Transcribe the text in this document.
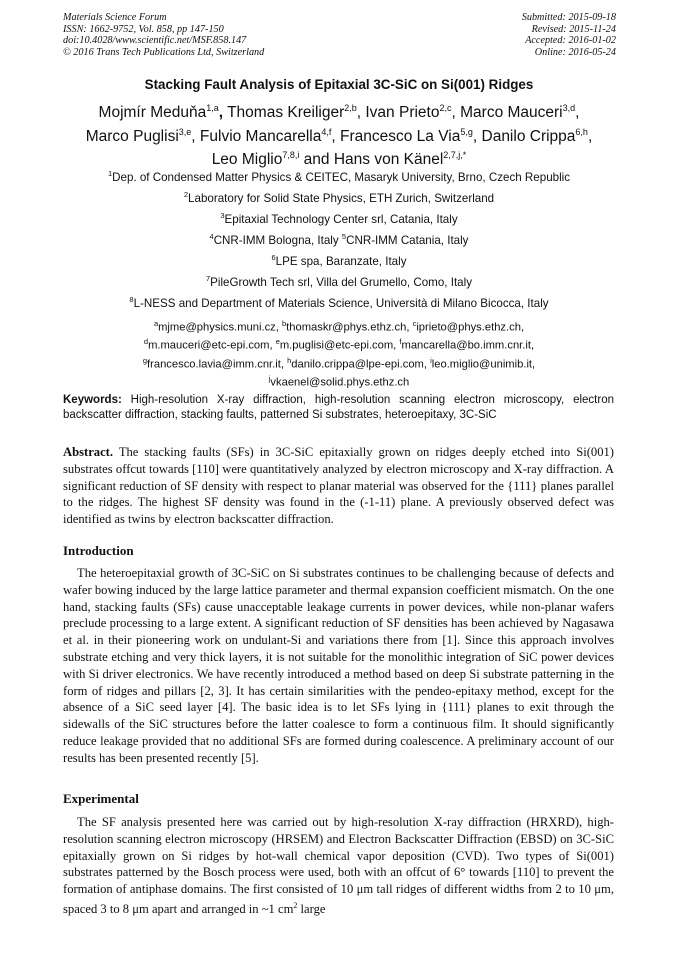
Materials Science Forum
ISSN: 1662-9752, Vol. 858, pp 147-150
doi:10.4028/www.scientific.net/MSF.858.147
© 2016 Trans Tech Publications Ltd, Switzerland
Submitted: 2015-09-18
Revised: 2015-11-24
Accepted: 2016-01-02
Online: 2016-05-24
Stacking Fault Analysis of Epitaxial 3C-SiC on Si(001) Ridges
Mojmír Meduňa$^{1,a}$, Thomas Kreiliger$^{2,b}$, Ivan Prieto$^{2,c}$, Marco Mauceri$^{3,d}$,
Marco Puglisi$^{3,e}$, Fulvio Mancarella$^{4,f}$, Francesco La Via$^{5,g}$, Danilo Crippa$^{6,h}$,
Leo Miglio$^{7,8,i}$ and Hans von Känel$^{2,7,j,*}$
$^1$Dep. of Condensed Matter Physics & CEITEC, Masaryk University, Brno, Czech Republic
$^2$Laboratory for Solid State Physics, ETH Zurich, Switzerland
$^3$Epitaxial Technology Center srl, Catania, Italy
$^4$CNR-IMM Bologna, Italy $^5$CNR-IMM Catania, Italy
$^6$LPE spa, Baranzate, Italy
$^7$PileGrowth Tech srl, Villa del Grumello, Como, Italy
$^8$L-NESS and Department of Materials Science, Università di Milano Bicocca, Italy
$^a$mjme@physics.muni.cz, $^b$thomaskr@phys.ethz.ch, $^c$iprieto@phys.ethz.ch,
$^d$m.mauceri@etc-epi.com, $^e$m.puglisi@etc-epi.com, $^f$mancarella@bo.imm.cnr.it,
$^g$francesco.lavia@imm.cnr.it, $^h$danilo.crippa@lpe-epi.com, $^i$leo.miglio@unimib.it,
$^j$vkaenel@solid.phys.ethz.ch
Keywords: High-resolution X-ray diffraction, high-resolution scanning electron microscopy, electron backscatter diffraction, stacking faults, patterned Si substrates, heteroepitaxy, 3C-SiC
Abstract. The stacking faults (SFs) in 3C-SiC epitaxially grown on ridges deeply etched into Si(001) substrates offcut towards [110] were quantitatively analyzed by electron microscopy and X-ray diffraction. A significant reduction of SF density with respect to planar material was observed for the {111} planes parallel to the ridges. The highest SF density was found in the (-1-11) plane. A previously observed defect was identified as twins by electron backscatter diffraction.
Introduction
The heteroepitaxial growth of 3C-SiC on Si substrates continues to be challenging because of defects and wafer bowing induced by the large lattice parameter and thermal expansion coefficient mismatch. On the one hand, stacking faults (SFs) cause unacceptable leakage currents in power devices, while non-planar wafers preclude processing to a large extent. A significant reduction of SF densities has been achieved by Nagasawa et al. in their pioneering work on undulant-Si and variations there from [1]. Since this approach involves substrate etching and very thick layers, it is not suitable for the monolithic integration of SiC power devices with Si driver electronics. We have recently introduced a method based on deep Si substrate patterning in the form of ridges and pillars [2, 3]. It has certain similarities with the pendeo-epitaxy method, except for the absence of a SiC seed layer [4]. The basic idea is to let SFs lying in {111} planes to exit through the sidewalls of the SiC structures before the latter coalesce to form a continuous film. It should significantly reduce leakage provided that no additional SFs are formed during coalescence. A preliminary account of our results has been presented recently [5].
Experimental
The SF analysis presented here was carried out by high-resolution X-ray diffraction (HRXRD), high-resolution scanning electron microscopy (HRSEM) and Electron Backscatter Diffraction (EBSD) on 3C-SiC epitaxially grown on Si ridges by hot-wall chemical vapor deposition (CVD). Two types of Si(001) substrates patterned by the Bosch process were used, both with an offcut of 6° towards [110] to prevent the formation of antiphase domains. The first consisted of 10 μm tall ridges of different widths from 2 to 10 μm, spaced 3 to 8 μm apart and arranged in ~1 $cm^2$ large
